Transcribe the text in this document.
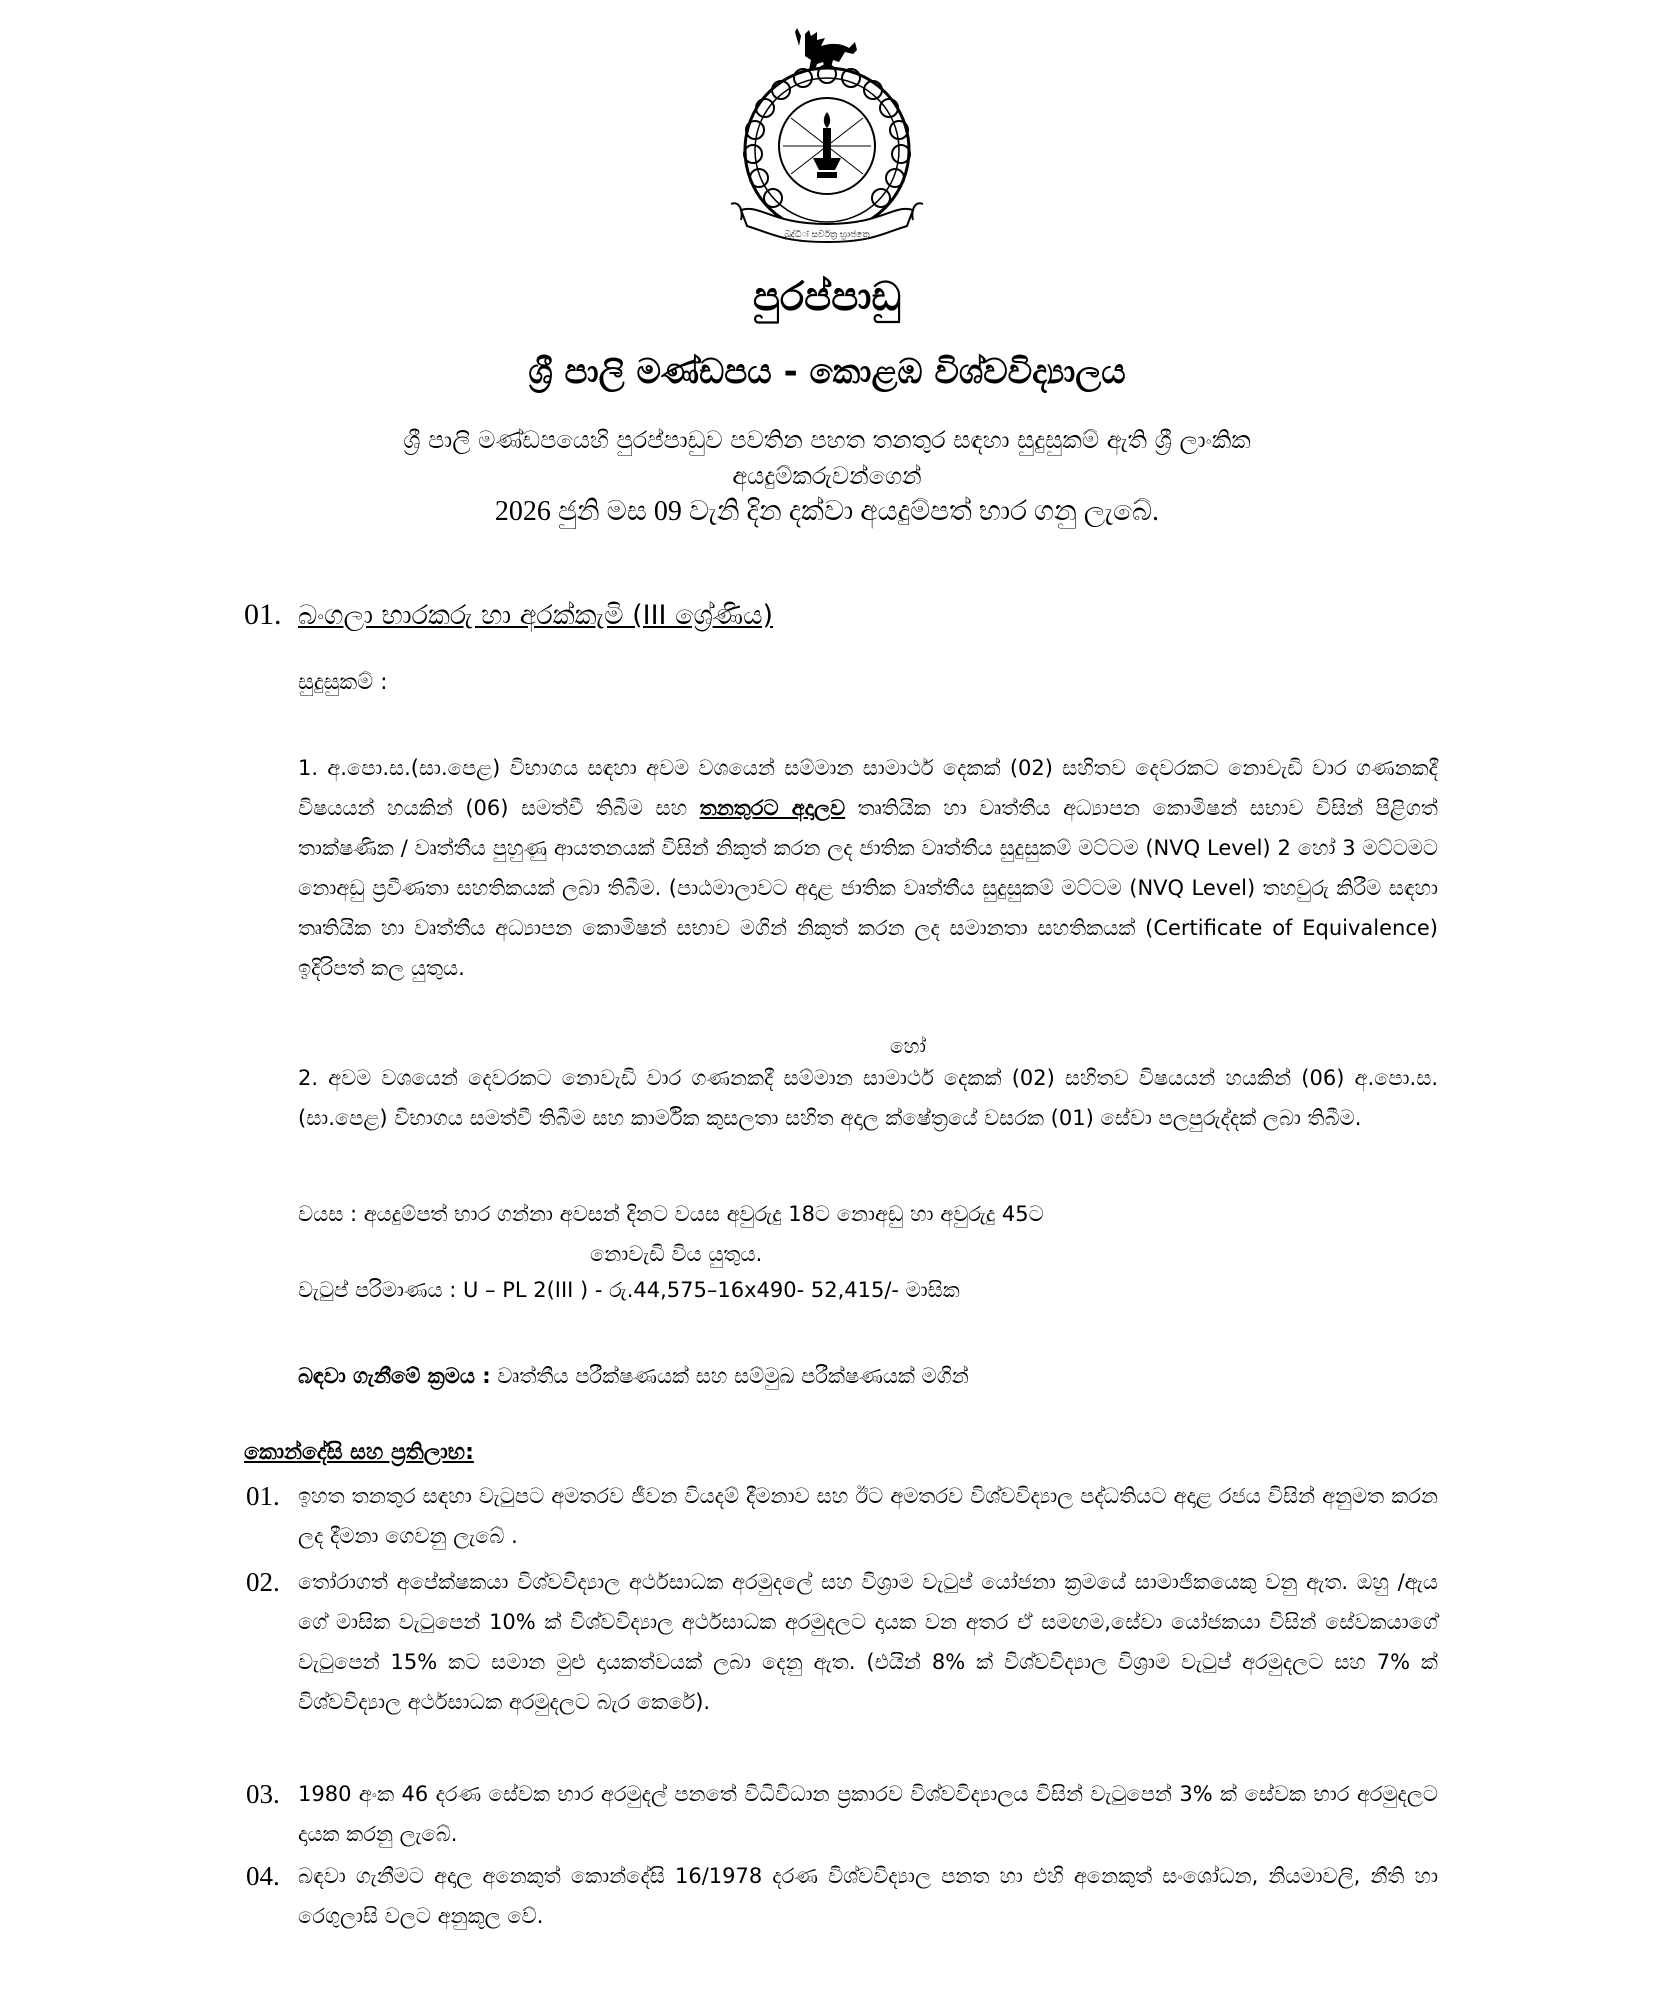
බුද්ධිः සර්වත්‍ර භ්‍රාජතෙ
පුරප්පාඩු
ශ්‍රී පාලි මණ්ඩපය - කොළඹ විශ්වවිද්‍යාලය
ශ්‍රී පාලි මණ්ඩපයෙහි පුරප්පාඩුව පවතින පහත තනතුර සඳහා සුදුසුකම් ඇති ශ්‍රී ලාංකික
අයදුම්කරුවන්ගෙන්
2026 ජුනි මස 09 වැනි දින දක්වා අයදුම්පත් භාර ගනු ලැබේ.
01. බංගලා භාරකරු හා අරක්කැමි (III ශ්‍රේණිය)
සුදුසුකම් :
1. අ.පො.ස.(සා.පෙළ) විභාගය සඳහා අවම වශයෙන් සම්මාන සාමාර්ථ දෙකක් (02) සහිතව දෙවරකට නොවැඩි වාර ගණනකදී විෂයයන් හයකින් (06) සමත්වී තිබීම සහ තනතුරට අදාලව තෘතියික හා වෘත්තීය අධ්‍යාපන කොමිෂන් සභාව විසින් පිළිගත් තාක්ෂණික / වෘත්තීය පුහුණු ආයතනයක් විසින් නිකුත් කරන ලද ජාතික වෘත්තීය සුදුසුකම් මට්ටම (NVQ Level) 2 හෝ 3 මට්ටමට නොඅඩු ප්‍රවීණතා සහතිකයක් ලබා තිබීම. (පාඨමාලාවට අදාළ ජාතික වෘත්තීය සුදුසුකම් මට්ටම (NVQ Level) තහවුරු කිරීම සඳහා තෘතියික හා වෘත්තීය අධ්‍යාපන කොමිෂන් සභාව මගින් නිකුත් කරන ලද සමානතා සහතිකයක් (Certificate of Equivalence) ඉදිරිපත් කල යුතුය.
හෝ
2. අවම වශයෙන් දෙවරකට නොවැඩි වාර ගණනකදී සම්මාන සාමාර්ථ දෙකක් (02) සහිතව විෂයයන් හයකින් (06) අ.පො.ස.(සා.පෙළ) විභාගය සමත්වී තිබීම සහ කාර්මික කුසලතා සහිත අදාල ක්ෂේත්‍රයේ වසරක (01) සේවා පලපුරුද්දක් ලබා තිබීම.
වයස : අයදුම්පත් භාර ගන්නා අවසන් දිනට වයස අවුරුදු 18ට නොඅඩු හා අවුරුදු 45ට
නොවැඩි විය යුතුය.
වැටුප් පරිමාණය : U – PL 2(III ) - රු.44,575–16x490- 52,415/- මාසික
බඳවා ගැනීමේ ක්‍රමය : වෘත්තීය පරීක්ෂණයක් සහ සම්මුඛ පරීක්ෂණයක් මගින්
කොන්දේසි සහ ප්‍රතිලාභ:
01. ඉහත තනතුර සඳහා වැටුපට අමතරව ජීවන වියදම් දීමනාව සහ ඊට අමතරව විශ්වවිද්‍යාල පද්ධතියට අදාළ රජය විසින් අනුමත කරන ලද දීමනා ගෙවනු ලැබේ .
02. තෝරාගත් අපේක්ෂකයා විශ්වවිද්‍යාල අර්ථසාධක අරමුදලේ සහ විශ්‍රාම වැටුප් යෝජනා ක්‍රමයේ සාමාජිකයෙකු වනු ඇත. ඔහු /ඇය ගේ මාසික වැටුපෙන් 10% ක් විශ්වවිද්‍යාල අර්ථසාධක අරමුදලට දායක වන අතර ඒ සමඟම,සේවා යෝජකයා විසින් සේවකයාගේ වැටුපෙන් 15% කට සමාන මුළු දායකත්වයක් ලබා දෙනු ඇත. (එයින් 8% ක් විශ්වවිද්‍යාල විශ්‍රාම වැටුප් අරමුදලට සහ 7% ක් විශ්වවිද්‍යාල අර්ථසාධක අරමුදලට බැර කෙරේ).
03. 1980 අංක 46 දරණ සේවක භාර අරමුදල් පනතේ විධිවිධාන ප්‍රකාරව විශ්වවිද්‍යාලය විසින් වැටුපෙන් 3% ක් සේවක භාර අරමුදලට දායක කරනු ලැබේ.
04. බඳවා ගැනීමට අදාල අනෙකුත් කොන්දේසි 16/1978 දරණ විශ්වවිද්‍යාල පනත හා එහි අනෙකුත් සංශෝධන, නියමාවලි, නීති හා රෙගුලාසි වලට අනුකූල වේ.
